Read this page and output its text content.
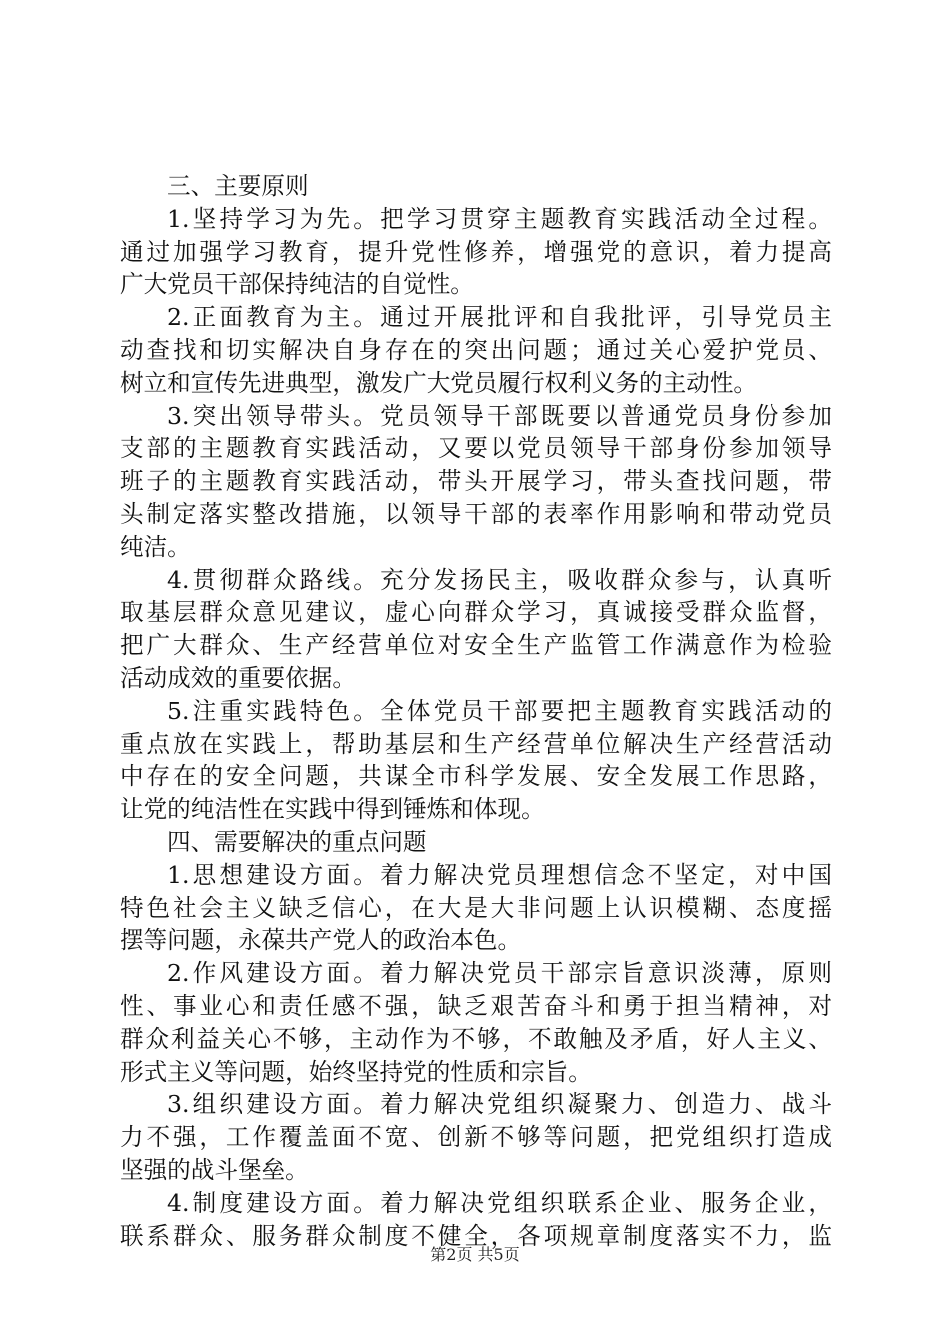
三、主要原则
1.坚持学习为先。把学习贯穿主题教育实践活动全过程。
通过加强学习教育，提升党性修养，增强党的意识，着力提高
广大党员干部保持纯洁的自觉性。
2.正面教育为主。通过开展批评和自我批评，引导党员主
动查找和切实解决自身存在的突出问题；通过关心爱护党员、
树立和宣传先进典型，激发广大党员履行权利义务的主动性。
3.突出领导带头。党员领导干部既要以普通党员身份参加
支部的主题教育实践活动，又要以党员领导干部身份参加领导
班子的主题教育实践活动，带头开展学习，带头查找问题，带
头制定落实整改措施，以领导干部的表率作用影响和带动党员
纯洁。
4.贯彻群众路线。充分发扬民主，吸收群众参与，认真听
取基层群众意见建议，虚心向群众学习，真诚接受群众监督，
把广大群众、生产经营单位对安全生产监管工作满意作为检验
活动成效的重要依据。
5.注重实践特色。全体党员干部要把主题教育实践活动的
重点放在实践上，帮助基层和生产经营单位解决生产经营活动
中存在的安全问题，共谋全市科学发展、安全发展工作思路，
让党的纯洁性在实践中得到锤炼和体现。
四、需要解决的重点问题
1.思想建设方面。着力解决党员理想信念不坚定，对中国
特色社会主义缺乏信心，在大是大非问题上认识模糊、态度摇
摆等问题，永葆共产党人的政治本色。
2.作风建设方面。着力解决党员干部宗旨意识淡薄，原则
性、事业心和责任感不强，缺乏艰苦奋斗和勇于担当精神，对
群众利益关心不够，主动作为不够，不敢触及矛盾，好人主义、
形式主义等问题，始终坚持党的性质和宗旨。
3.组织建设方面。着力解决党组织凝聚力、创造力、战斗
力不强，工作覆盖面不宽、创新不够等问题，把党组织打造成
坚强的战斗堡垒。
4.制度建设方面。着力解决党组织联系企业、服务企业，
联系群众、服务群众制度不健全，各项规章制度落实不力，监
第2页 共5页
